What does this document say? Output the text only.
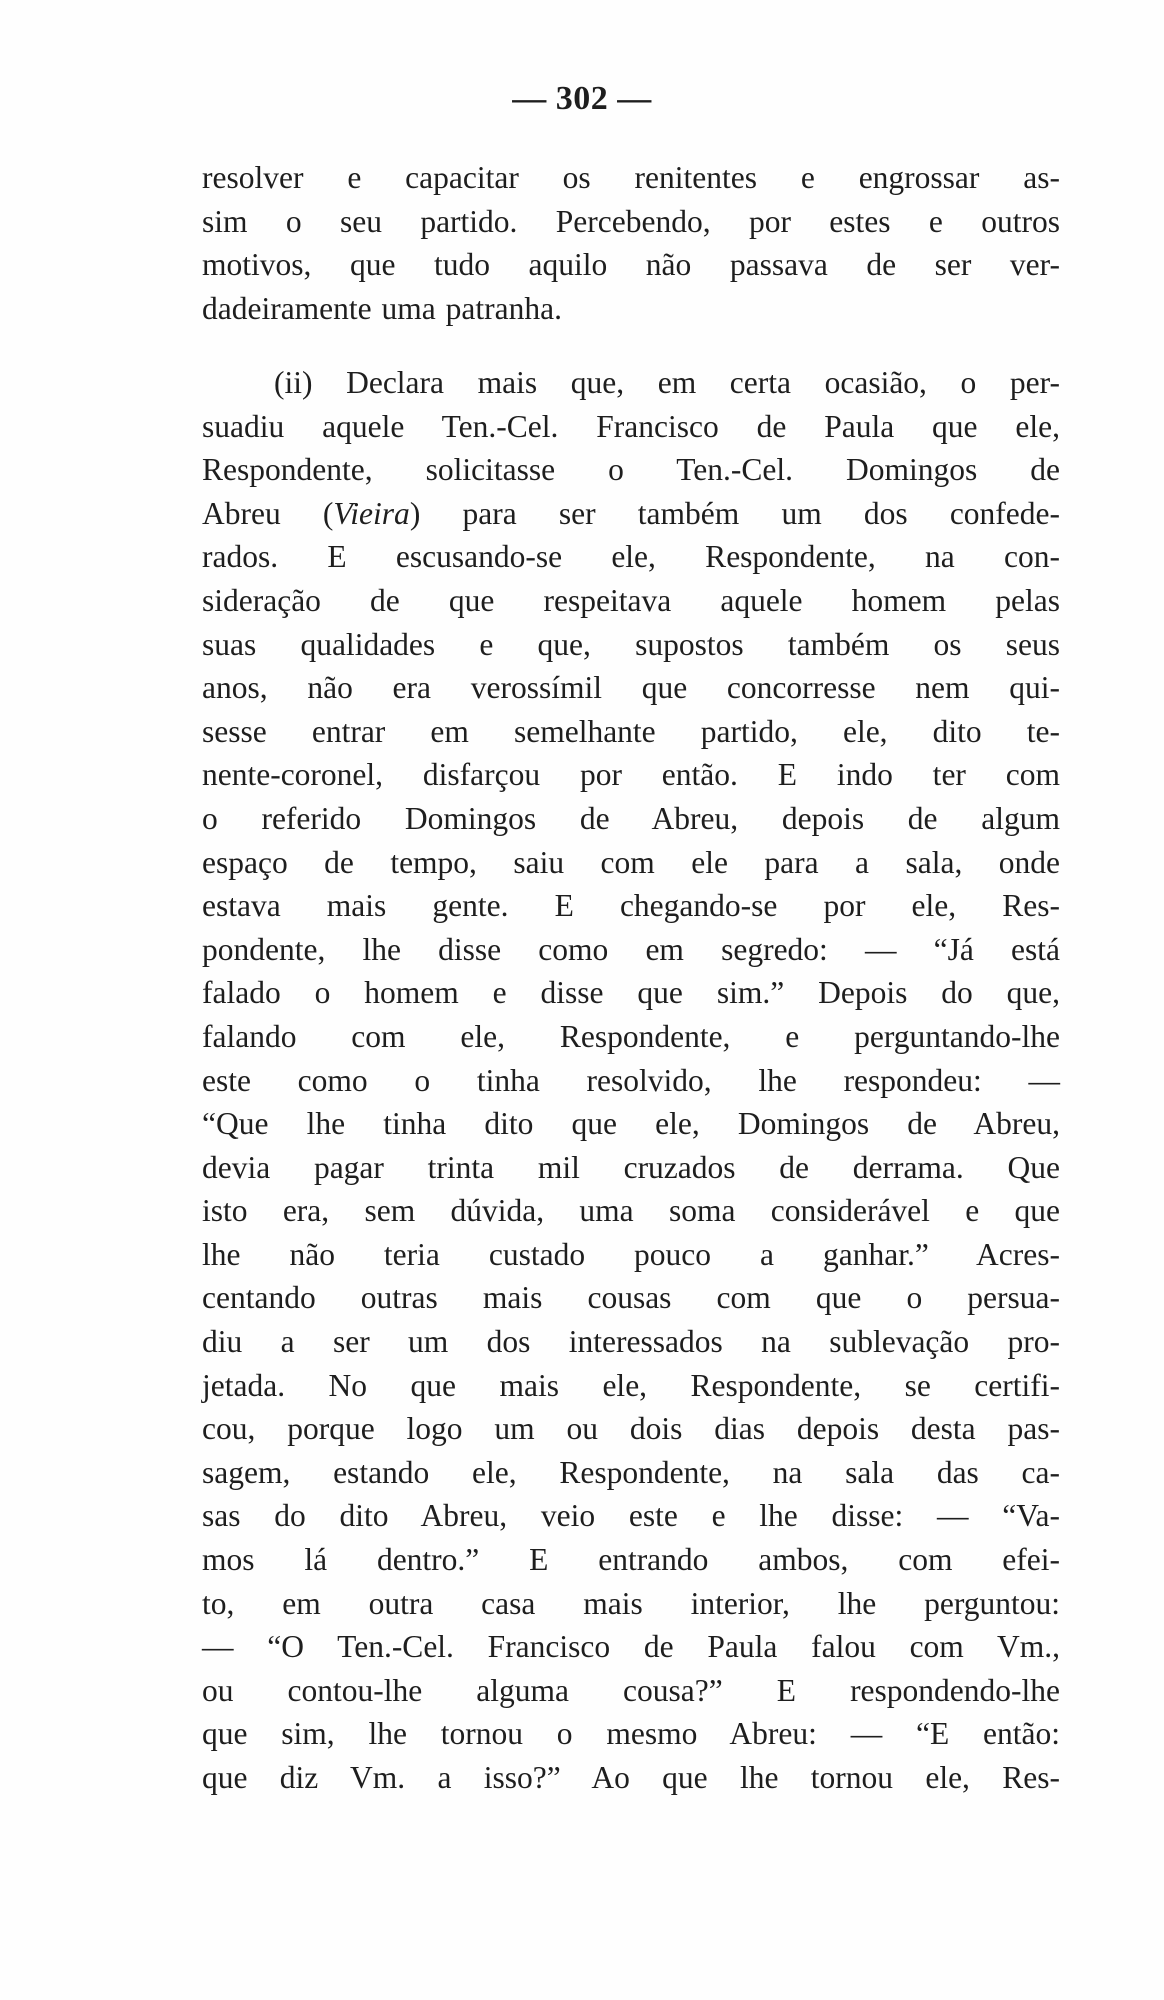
— 302 —
resolver e capacitar os renitentes e engrossar as-
sim o seu partido. Percebendo, por estes e outros
motivos, que tudo aquilo não passava de ser ver-
dadeiramente uma patranha.
(ii) Declara mais que, em certa ocasião, o per-
suadiu aquele Ten.-Cel. Francisco de Paula que ele,
Respondente, solicitasse o Ten.-Cel. Domingos de
Abreu (Vieira) para ser também um dos confede-
rados. E escusando-se ele, Respondente, na con-
sideração de que respeitava aquele homem pelas
suas qualidades e que, supostos também os seus
anos, não era verossímil que concorresse nem qui-
sesse entrar em semelhante partido, ele, dito te-
nente-coronel, disfarçou por então. E indo ter com
o referido Domingos de Abreu, depois de algum
espaço de tempo, saiu com ele para a sala, onde
estava mais gente. E chegando-se por ele, Res-
pondente, lhe disse como em segredo: — “Já está
falado o homem e disse que sim.” Depois do que,
falando com ele, Respondente, e perguntando-lhe
este como o tinha resolvido, lhe respondeu: —
“Que lhe tinha dito que ele, Domingos de Abreu,
devia pagar trinta mil cruzados de derrama. Que
isto era, sem dúvida, uma soma considerável e que
lhe não teria custado pouco a ganhar.” Acres-
centando outras mais cousas com que o persua-
diu a ser um dos interessados na sublevação pro-
jetada. No que mais ele, Respondente, se certifi-
cou, porque logo um ou dois dias depois desta pas-
sagem, estando ele, Respondente, na sala das ca-
sas do dito Abreu, veio este e lhe disse: — “Va-
mos lá dentro.” E entrando ambos, com efei-
to, em outra casa mais interior, lhe perguntou:
— “O Ten.-Cel. Francisco de Paula falou com Vm.,
ou contou-lhe alguma cousa?” E respondendo-lhe
que sim, lhe tornou o mesmo Abreu: — “E então:
que diz Vm. a isso?” Ao que lhe tornou ele, Res-
